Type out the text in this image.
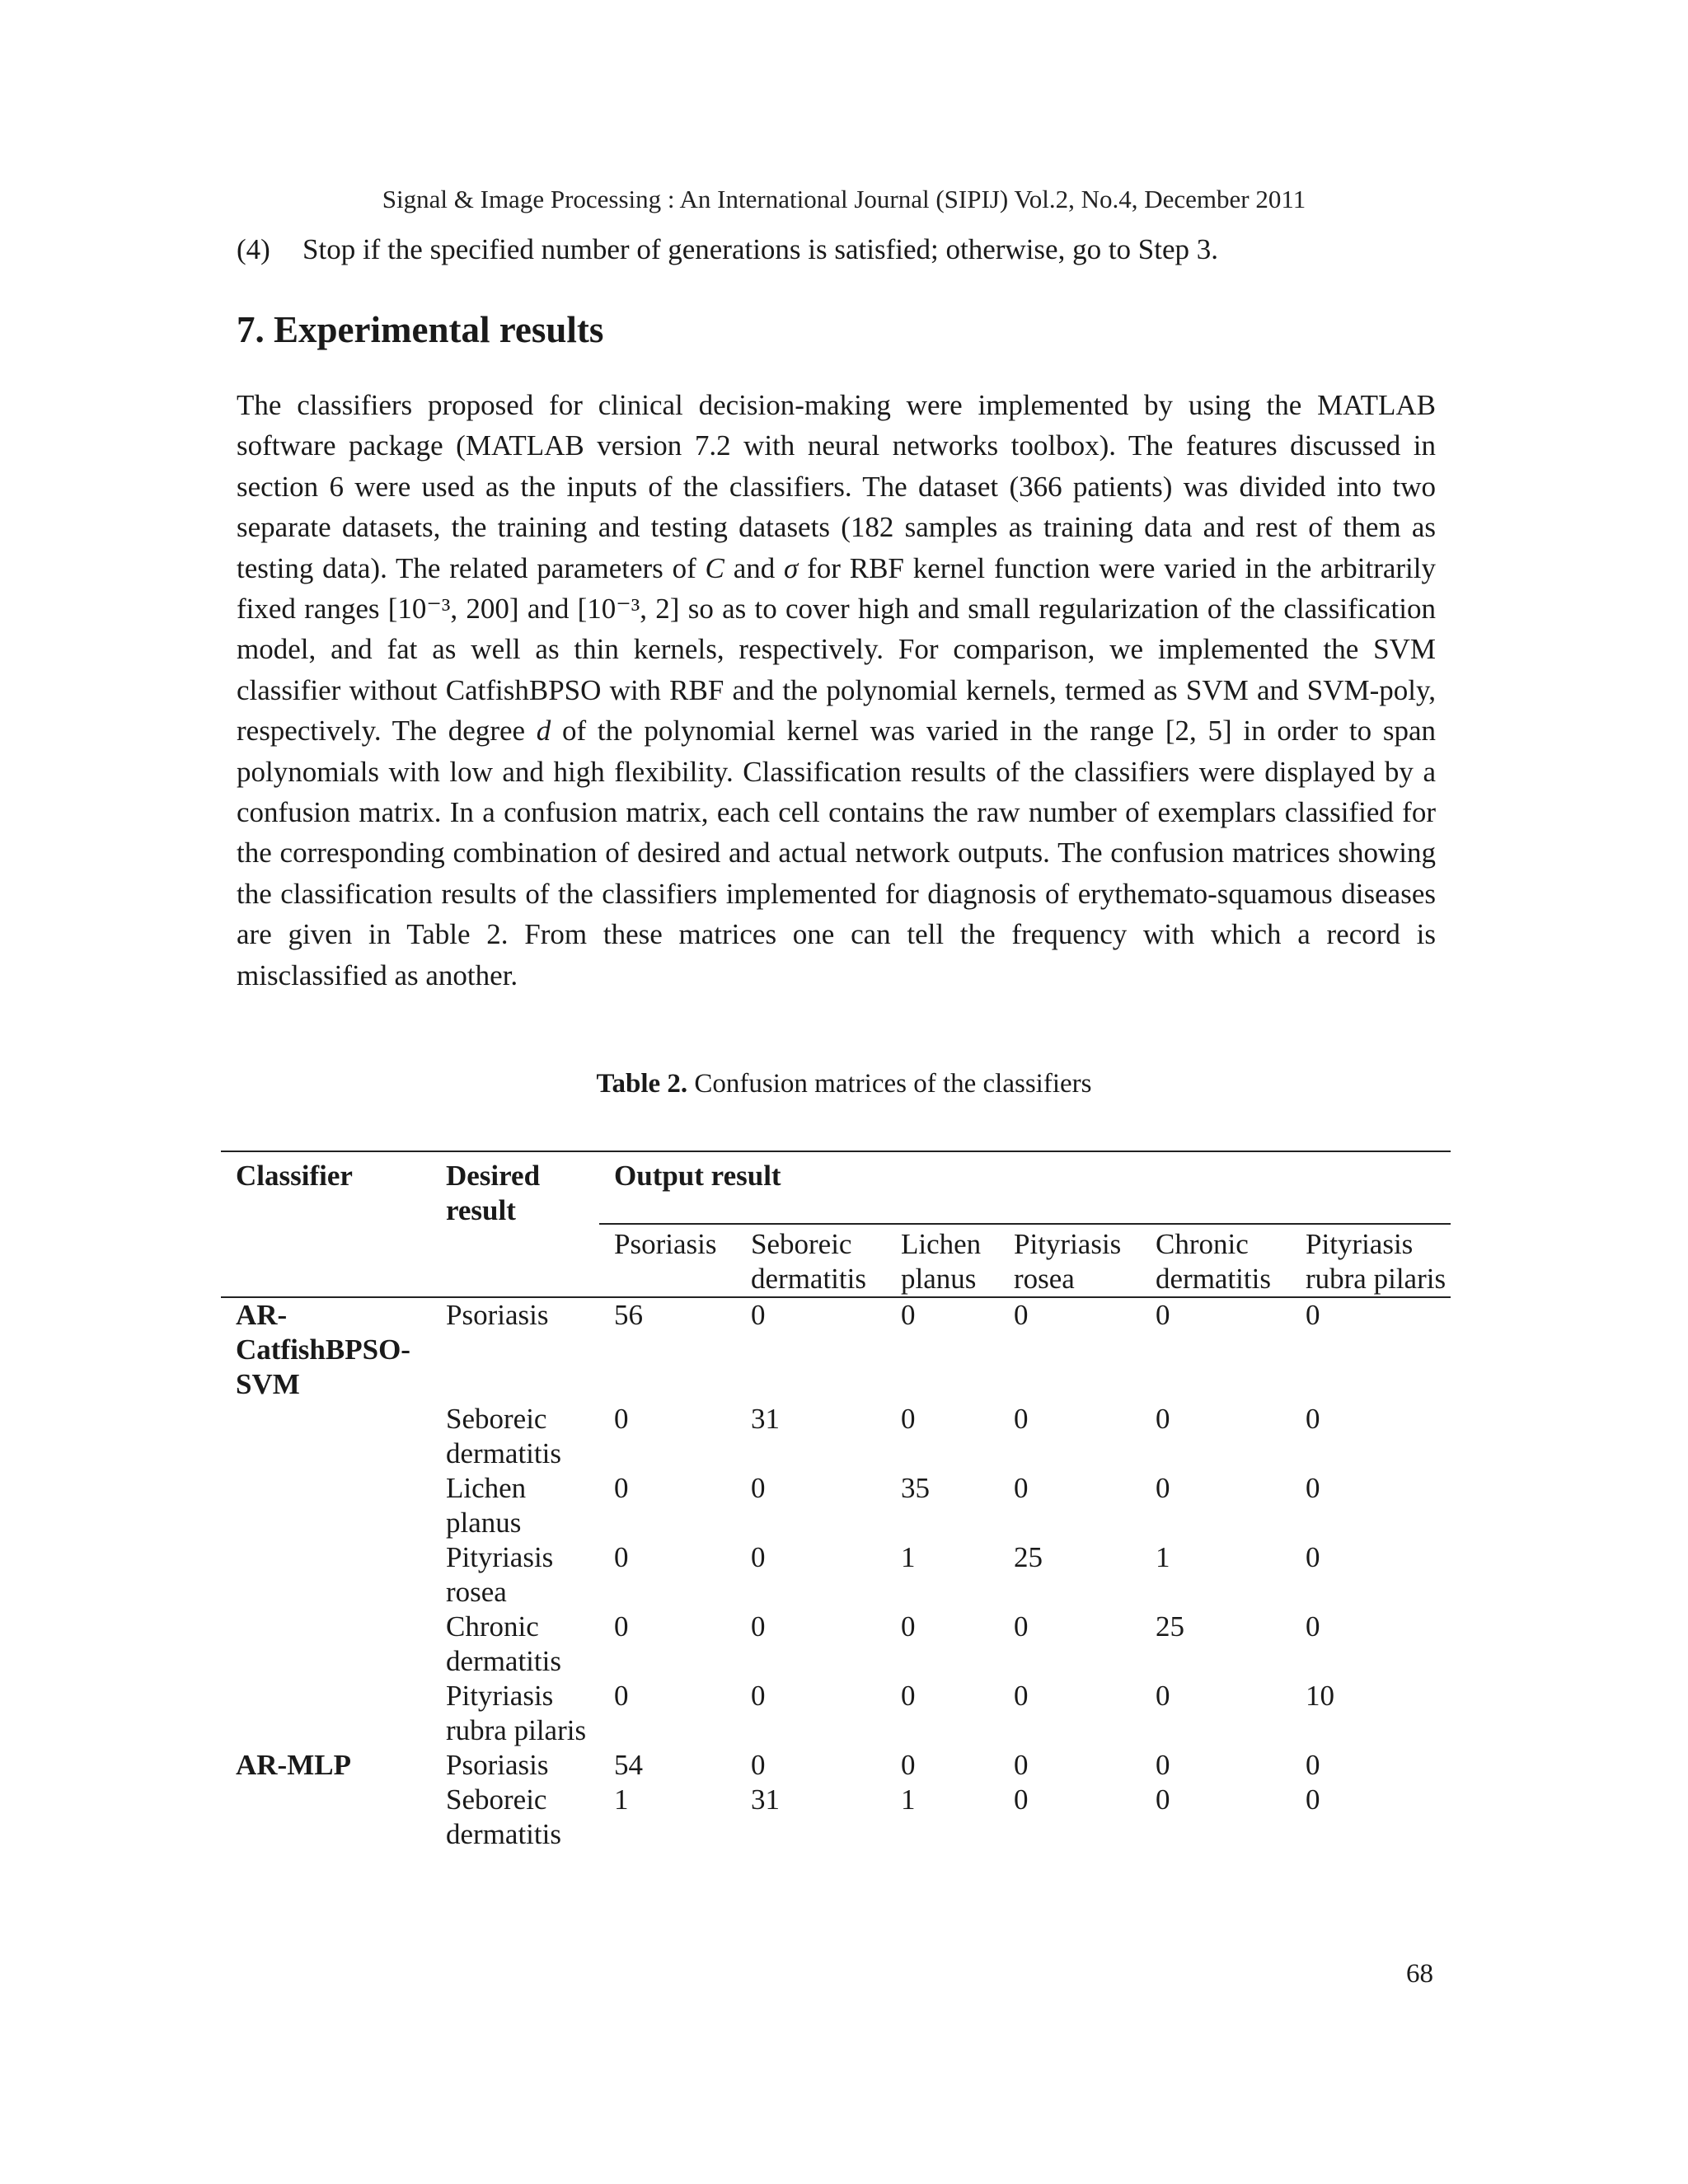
Signal & Image Processing : An International Journal (SIPIJ) Vol.2, No.4, December 2011
(4) Stop if the specified number of generations is satisfied; otherwise, go to Step 3.
7. Experimental results

The classifiers proposed for clinical decision-making were implemented by using the MATLAB software package (MATLAB version 7.2 with neural networks toolbox). The features discussed in section 6 were used as the inputs of the classifiers. The dataset (366 patients) was divided into two separate datasets, the training and testing datasets (182 samples as training data and rest of them as testing data). The related parameters of C and σ for RBF kernel function were varied in the arbitrarily fixed ranges [10⁻³, 200] and [10⁻³, 2] so as to cover high and small regularization of the classification model, and fat as well as thin kernels, respectively. For comparison, we implemented the SVM classifier without CatfishBPSO with RBF and the polynomial kernels, termed as SVM and SVM-poly, respectively. The degree d of the polynomial kernel was varied in the range [2, 5] in order to span polynomials with low and high flexibility. Classification results of the classifiers were displayed by a confusion matrix. In a confusion matrix, each cell contains the raw number of exemplars classified for the corresponding combination of desired and actual network outputs. The confusion matrices showing the classification results of the classifiers implemented for diagnosis of erythemato-squamous diseases are given in Table 2. From these matrices one can tell the frequency with which a record is misclassified as another.

Table 2. Confusion matrices of the classifiers
Classifier	Desired result	Output result					
		Psoriasis	Seboreic dermatitis	Lichen planus	Pityriasis rosea	Chronic dermatitis	Pityriasis rubra pilaris
AR-CatfishBPSO-SVM	Psoriasis	56	0	0	0	0	0
	Seboreic dermatitis	0	31	0	0	0	0
	Lichen planus	0	0	35	0	0	0
	Pityriasis rosea	0	0	1	25	1	0
	Chronic dermatitis	0	0	0	0	25	0
	Pityriasis rubra pilaris	0	0	0	0	0	10
AR-MLP	Psoriasis	54	0	0	0	0	0
	Seboreic dermatitis	1	31	1	0	0	0
68
